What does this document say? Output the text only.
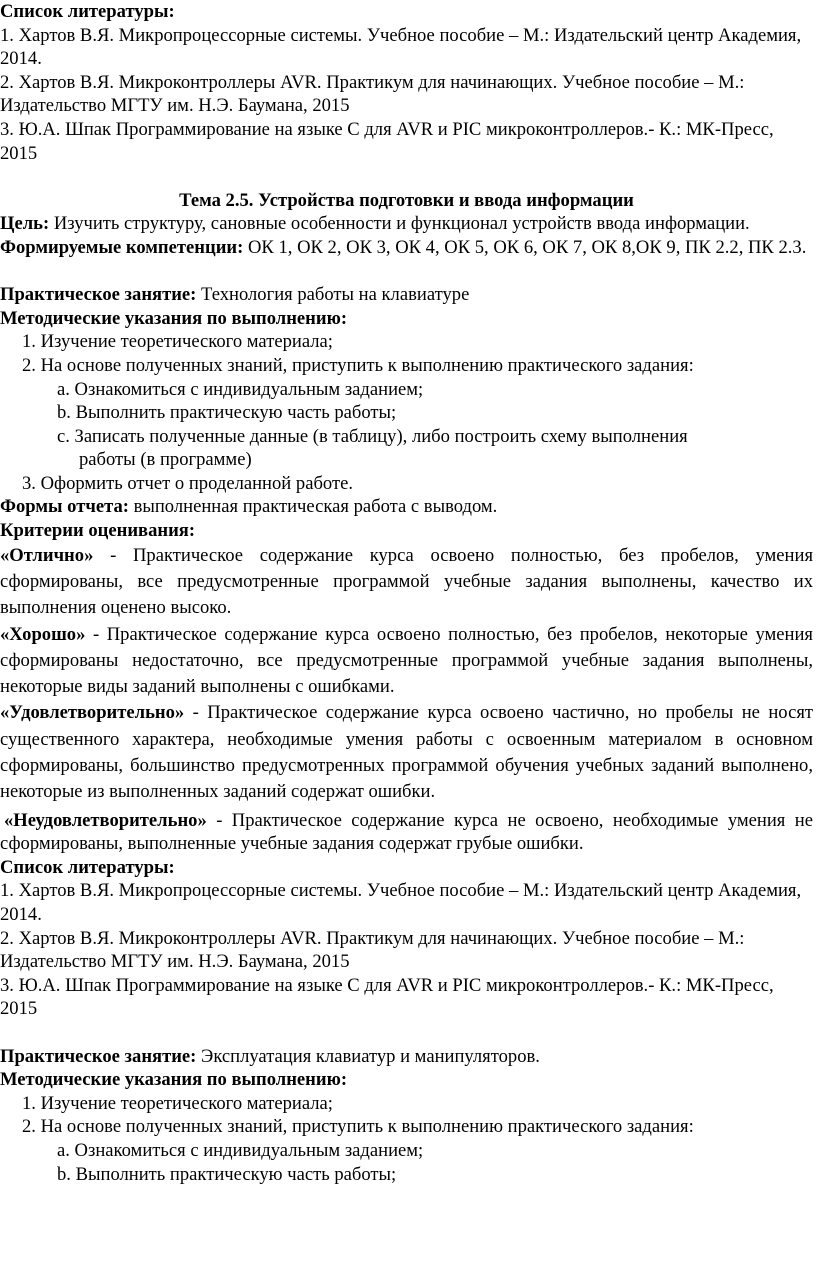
Список литературы:

1. Хартов В.Я. Микропроцессорные системы. Учебное пособие – М.: Издательский центр Академия, 2014.

2. Хартов В.Я. Микроконтроллеры AVR. Практикум для начинающих. Учебное пособие – М.: Издательство МГТУ им. Н.Э. Баумана, 2015

3. Ю.А. Шпак Программирование на языке С для AVR и PIC микроконтроллеров.- К.: МК-Пресс, 2015

Тема 2.5. Устройства подготовки и ввода информации

Цель: Изучить структуру, сановные особенности и функционал устройств ввода информации.

Формируемые компетенции: ОК 1, ОК 2, ОК 3, ОК 4, ОК 5, ОК 6, ОК 7, ОК 8,ОК 9, ПК 2.2, ПК 2.3.

Практическое занятие: Технология работы на клавиатуре

Методические указания по выполнению:

1. Изучение теоретического материала;

2. На основе полученных знаний, приступить к выполнению практического задания:

a. Ознакомиться с индивидуальным заданием;

b. Выполнить практическую часть работы;

c. Записать полученные данные (в таблицу), либо построить схему выполнения

работы (в программе)

3. Оформить отчет о проделанной работе.

Формы отчета: выполненная практическая работа с выводом.

Критерии оценивания:

«Отлично» - Практическое содержание курса освоено полностью, без пробелов, умения сформированы, все предусмотренные программой учебные задания выполнены, качество их выполнения оценено высоко.

«Хорошо» - Практическое содержание курса освоено полностью, без пробелов, некоторые умения сформированы недостаточно, все предусмотренные программой учебные задания выполнены, некоторые виды заданий выполнены с ошибками.

«Удовлетворительно» - Практическое содержание курса освоено частично, но пробелы не носят существенного характера, необходимые умения работы с освоенным материалом в основном сформированы, большинство предусмотренных программой обучения учебных заданий выполнено, некоторые из выполненных заданий содержат ошибки.

«Неудовлетворительно» - Практическое содержание курса не освоено, необходимые умения не сформированы, выполненные учебные задания содержат грубые ошибки.

Список литературы:

1. Хартов В.Я. Микропроцессорные системы. Учебное пособие – М.: Издательский центр Академия, 2014.

2. Хартов В.Я. Микроконтроллеры AVR. Практикум для начинающих. Учебное пособие – М.: Издательство МГТУ им. Н.Э. Баумана, 2015

3. Ю.А. Шпак Программирование на языке С для AVR и PIC микроконтроллеров.- К.: МК-Пресс, 2015

Практическое занятие: Эксплуатация клавиатур и манипуляторов.

Методические указания по выполнению:

1. Изучение теоретического материала;

2. На основе полученных знаний, приступить к выполнению практического задания:

a. Ознакомиться с индивидуальным заданием;

b. Выполнить практическую часть работы;
